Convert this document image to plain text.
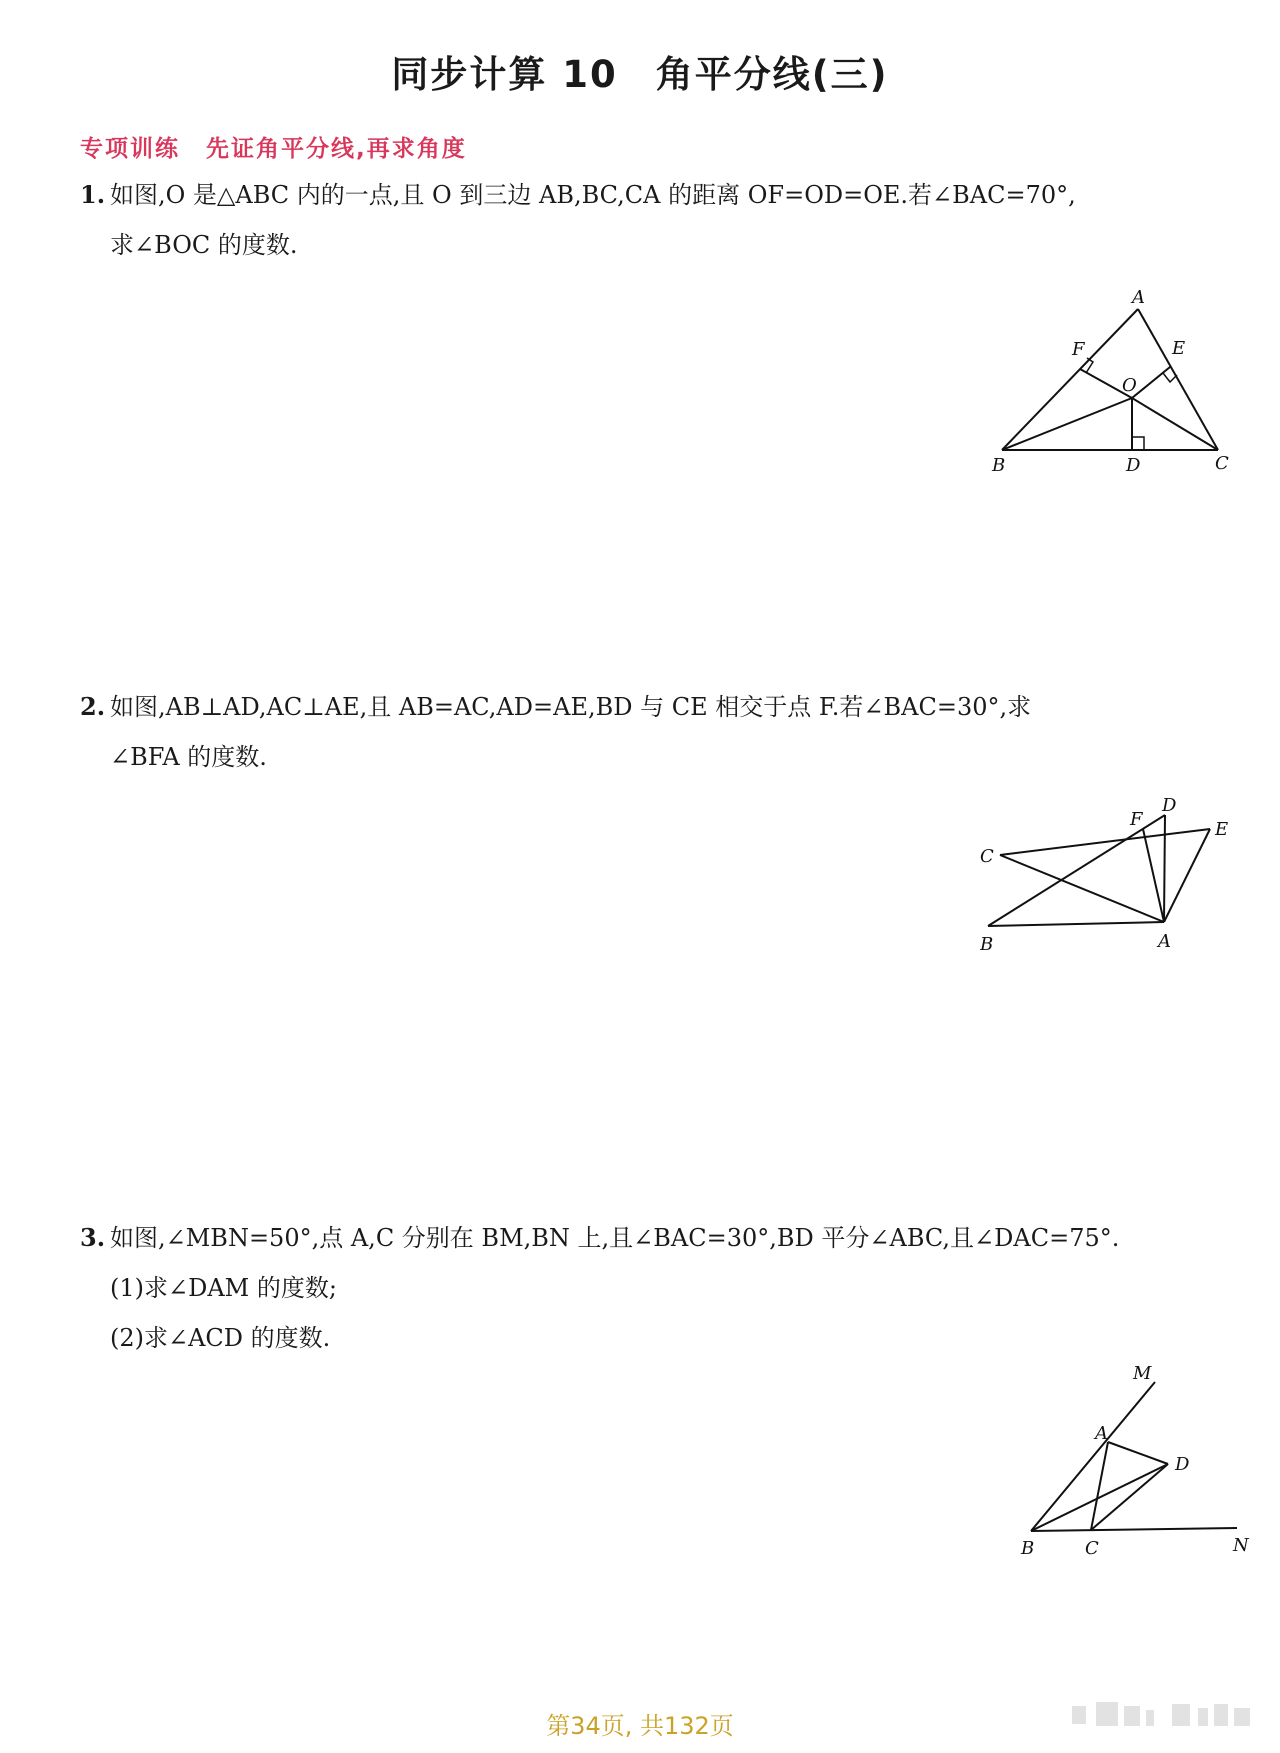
同步计算 10 角平分线(三)
专项训练 先证角平分线,再求角度
1. 如图,O 是△ABC 内的一点,且 O 到三边 AB,BC,CA 的距离 OF=OD=OE.若∠BAC=70°,
求∠BOC 的度数.
A
B	C
D
E
F
O
2. 如图,AB⊥AD,AC⊥AE,且 AB=AC,AD=AE,BD 与 CE 相交于点 F.若∠BAC=30°,求
∠BFA 的度数.
B
C
A
D
E
F
3. 如图,∠MBN=50°,点 A,C 分别在 BM,BN 上,且∠BAC=30°,BD 平分∠ABC,且∠DAC=75°.
(1)求∠DAM 的度数;
(2)求∠ACD 的度数.
M
A
D
B	C	N
第34页, 共132页
